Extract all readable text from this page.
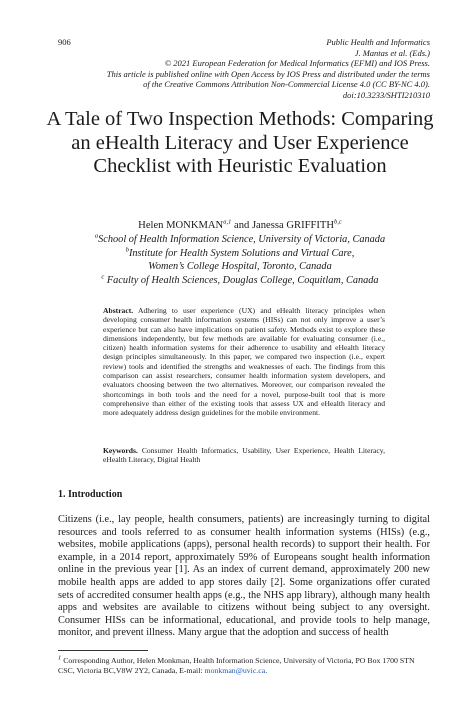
906	Public Health and Informatics
J. Mantas et al. (Eds.)
© 2021 European Federation for Medical Informatics (EFMI) and IOS Press.
This article is published online with Open Access by IOS Press and distributed under the terms
of the Creative Commons Attribution Non-Commercial License 4.0 (CC BY-NC 4.0).
doi:10.3233/SHTI210310
A Tale of Two Inspection Methods: Comparing an eHealth Literacy and User Experience Checklist with Heuristic Evaluation
Helen MONKMAN$^{a,1}$ and Janessa GRIFFITH$^{b,c}$
$^a$School of Health Information Science, University of Victoria, Canada
$^b$Institute for Health System Solutions and Virtual Care,
Women’s College Hospital, Toronto, Canada
$^c$ Faculty of Health Sciences, Douglas College, Coquitlam, Canada
Abstract. Adhering to user experience (UX) and eHealth literacy principles when developing consumer health information systems (HISs) can not only improve a user’s experience but can also have implications on patient safety. Methods exist to explore these dimensions independently, but few methods are available for evaluating consumer (i.e., citizen) health information systems for their adherence to usability and eHealth literacy design principles simultaneously. In this paper, we compared two inspection (i.e., expert review) tools and identified the strengths and weaknesses of each. The findings from this comparison can assist researchers, consumer health information system developers, and evaluators choosing between the two alternatives. Moreover, our comparison revealed the shortcomings in both tools and the need for a novel, purpose-built tool that is more comprehensive than either of the existing tools that assess UX and eHealth literacy and more adequately address design guidelines for the mobile environment.
Keywords. Consumer Health Informatics, Usability, User Experience, Health Literacy, eHealth Literacy, Digital Health
1. Introduction

Citizens (i.e., lay people, health consumers, patients) are increasingly turning to digital resources and tools referred to as consumer health information systems (HISs) (e.g., websites, mobile applications (apps), personal health records) to support their health. For example, in a 2014 report, approximately 59% of Europeans sought health information online in the previous year [1]. As an index of current demand, approximately 200 new mobile health apps are added to app stores daily [2]. Some organizations offer curated sets of accredited consumer health apps (e.g., the NHS app library), although many health apps and websites are available to citizens without being subject to any oversight. Consumer HISs can be informational, educational, and provide tools to help manage, monitor, and prevent illness. Many argue that the adoption and success of health

$^1$ Corresponding Author, Helen Monkman, Health Information Science, University of Victoria, PO Box 1700 STN CSC, Victoria BC,V8W 2Y2, Canada, E-mail: monkman@uvic.ca.
